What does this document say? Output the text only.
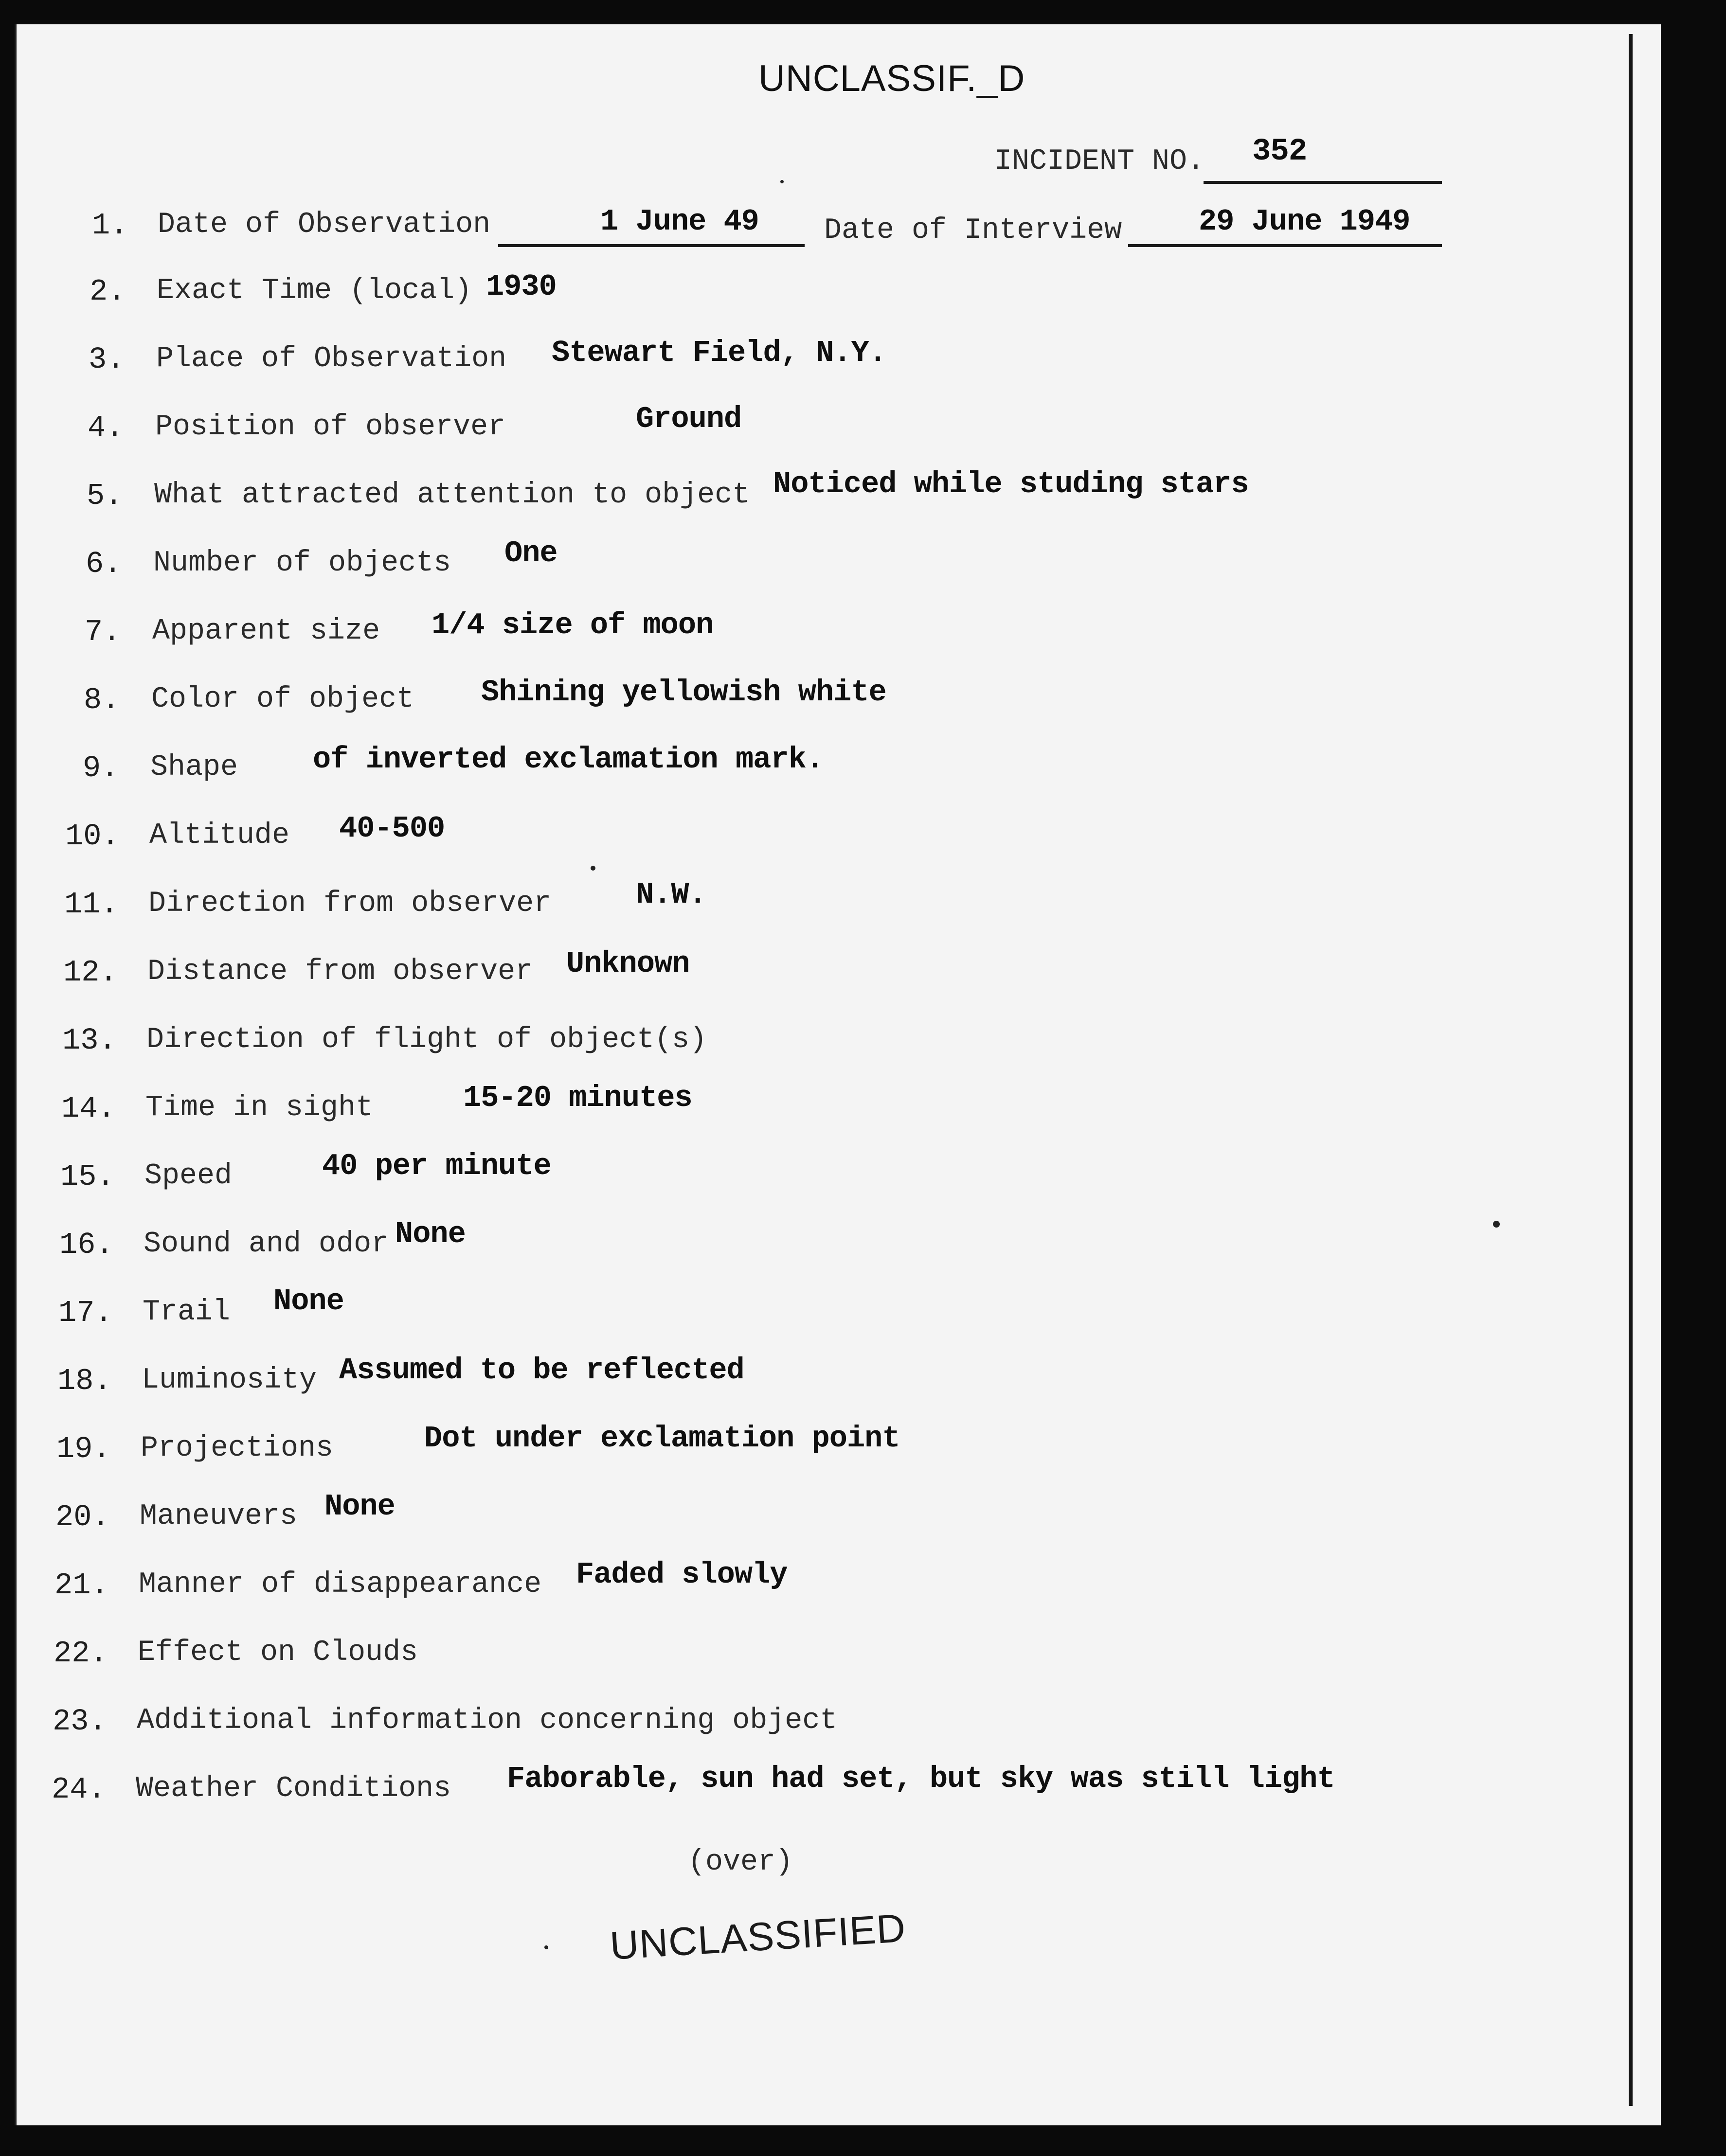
UNCLASSIF._D
INCIDENT NO. 352
1. Date of Observation	1 June 49 Date of Interview	29 June 1949
2. Exact Time (local) 1930
3. Place of Observation Stewart Field, N.Y.
4. Position of observer	Ground
5. What attracted attention to object Noticed while studing stars
6. Number of objects One
7. Apparent size 1/4 size of moon
8. Color of object Shining yellowish white
9. Shape of inverted exclamation mark.
10. Altitude 40-500
11. Direction from observer	N.W.
12. Distance from observer Unknown
13. Direction of flight of object(s)
14. Time in sight	15-20 minutes
15. Speed	40 per minute
16. Sound and odor None
17. Trail None
18. Luminosity Assumed to be reflected
19. Projections	Dot under exclamation point
20. Maneuvers None
21. Manner of disappearance Faded slowly
22. Effect on Clouds
23. Additional information concerning object
24. Weather Conditions Faborable, sun had set, but sky was still light
(over)
UNCLASSIFIED
